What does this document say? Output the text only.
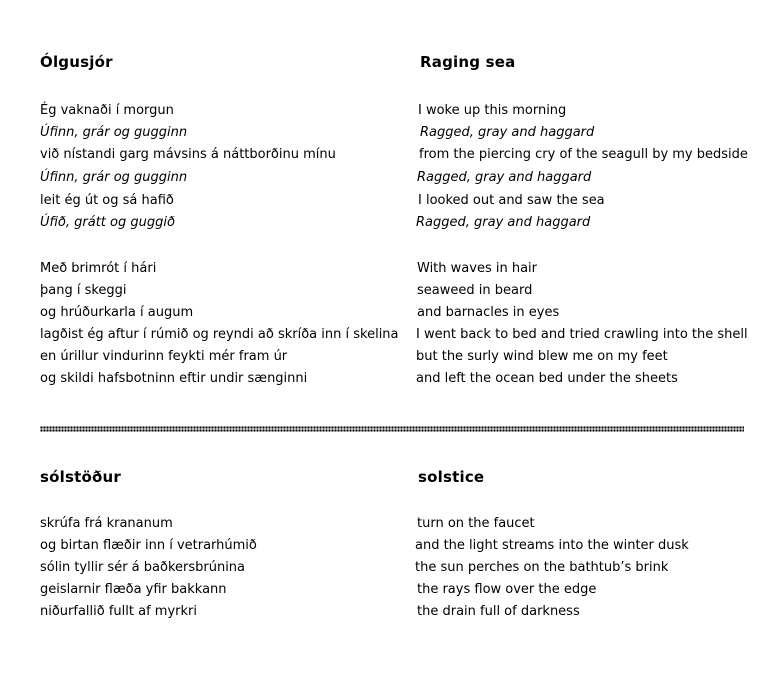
Ólgusjór	Raging sea
Ég vaknaði í morgun
Úfinn, grár og gugginn
við nístandi garg mávsins á náttborðinu mínu
Úfinn, grár og gugginn
leit ég út og sá hafið
Úfið, grátt og guggið
Með brimrót í hári
þang í skeggi
og hrúðurkarla í augum
lagðist ég aftur í rúmið og reyndi að skríða inn í skelina
en úrillur vindurinn feykti mér fram úr
og skildi hafsbotninn eftir undir sænginni
I woke up this morning
Ragged, gray and haggard
from the piercing cry of the seagull by my bedside
Ragged, gray and haggard
I looked out and saw the sea
Ragged, gray and haggard
With waves in hair
seaweed in beard
and barnacles in eyes
I went back to bed and tried crawling into the shell
but the surly wind blew me on my feet
and left the ocean bed under the sheets
sólstöður	solstice
skrúfa frá krananum
og birtan flæðir inn í vetrarhúmið
sólin tyllir sér á baðkersbrúnina
geislarnir flæða yfir bakkann
niðurfallið fullt af myrkri
turn on the faucet
and the light streams into the winter dusk
the sun perches on the bathtub’s brink
the rays flow over the edge
the drain full of darkness
